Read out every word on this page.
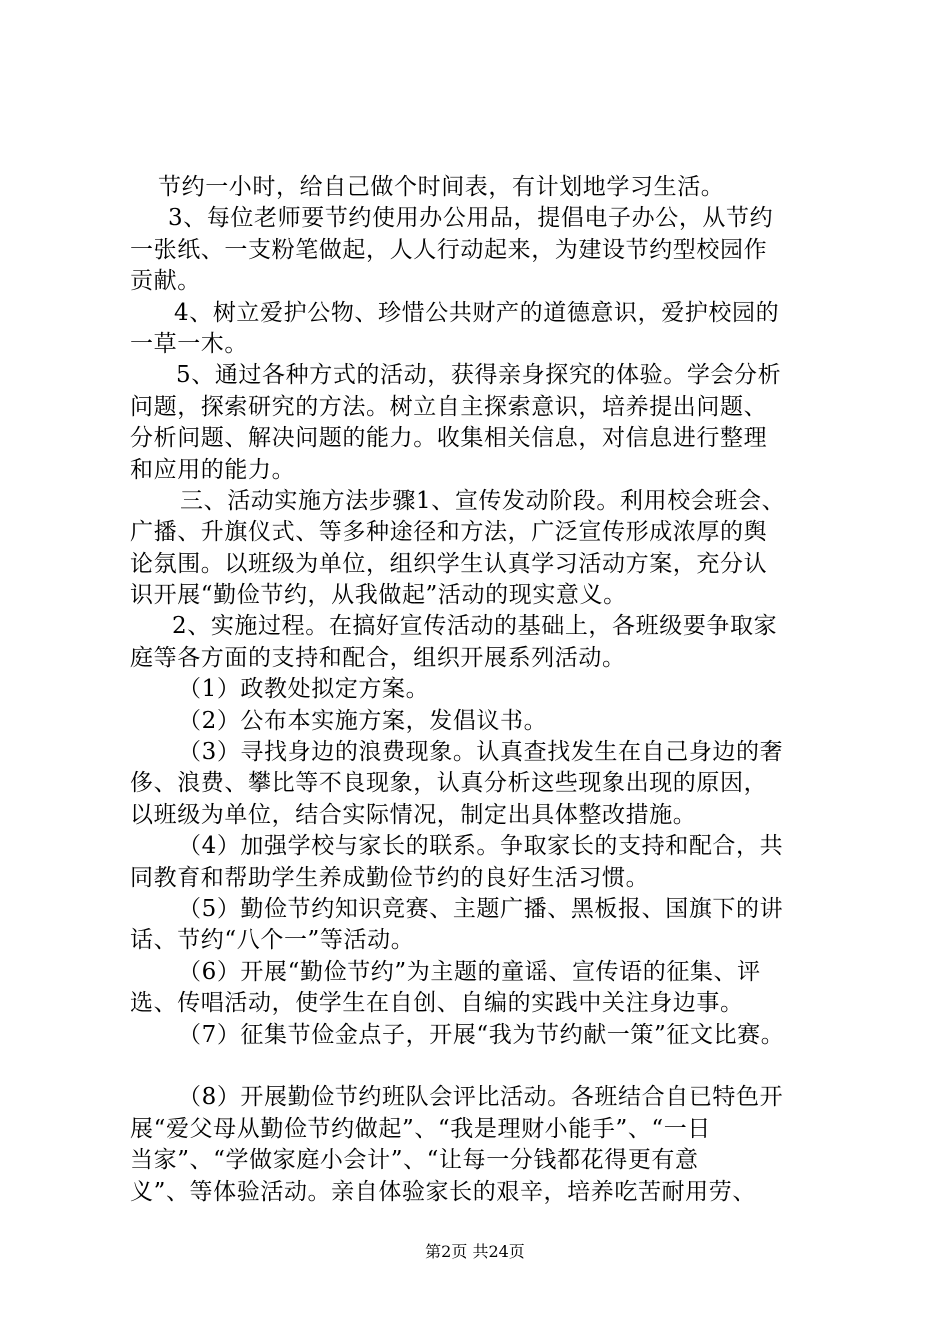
节约一小时，给自己做个时间表，有计划地学习生活。
3、每位老师要节约使用办公用品，提倡电子办公，从节约
一张纸、一支粉笔做起，人人行动起来，为建设节约型校园作
贡献。
4、树立爱护公物、珍惜公共财产的道德意识，爱护校园的
一草一木。
5、通过各种方式的活动，获得亲身探究的体验。学会分析
问题，探索研究的方法。树立自主探索意识，培养提出问题、
分析问题、解决问题的能力。收集相关信息，对信息进行整理
和应用的能力。
三、活动实施方法步骤1、宣传发动阶段。利用校会班会、
广播、升旗仪式、等多种途径和方法，广泛宣传形成浓厚的舆
论氛围。以班级为单位，组织学生认真学习活动方案，充分认
识开展“勤俭节约，从我做起”活动的现实意义。
2、实施过程。在搞好宣传活动的基础上，各班级要争取家
庭等各方面的支持和配合，组织开展系列活动。
（1）政教处拟定方案。
（2）公布本实施方案，发倡议书。
（3）寻找身边的浪费现象。认真查找发生在自己身边的奢
侈、浪费、攀比等不良现象，认真分析这些现象出现的原因，
以班级为单位，结合实际情况，制定出具体整改措施。
（4）加强学校与家长的联系。争取家长的支持和配合，共
同教育和帮助学生养成勤俭节约的良好生活习惯。
（5）勤俭节约知识竞赛、主题广播、黑板报、国旗下的讲
话、节约“八个一”等活动。
（6）开展“勤俭节约”为主题的童谣、宣传语的征集、评
选、传唱活动，使学生在自创、自编的实践中关注身边事。
（7）征集节俭金点子，开展“我为节约献一策”征文比赛。
（8）开展勤俭节约班队会评比活动。各班结合自已特色开
展“爱父母从勤俭节约做起”、“我是理财小能手”、“一日
当家”、“学做家庭小会计”、“让每一分钱都花得更有意
义”、等体验活动。亲自体验家长的艰辛，培养吃苦耐用劳、
第2页 共24页
